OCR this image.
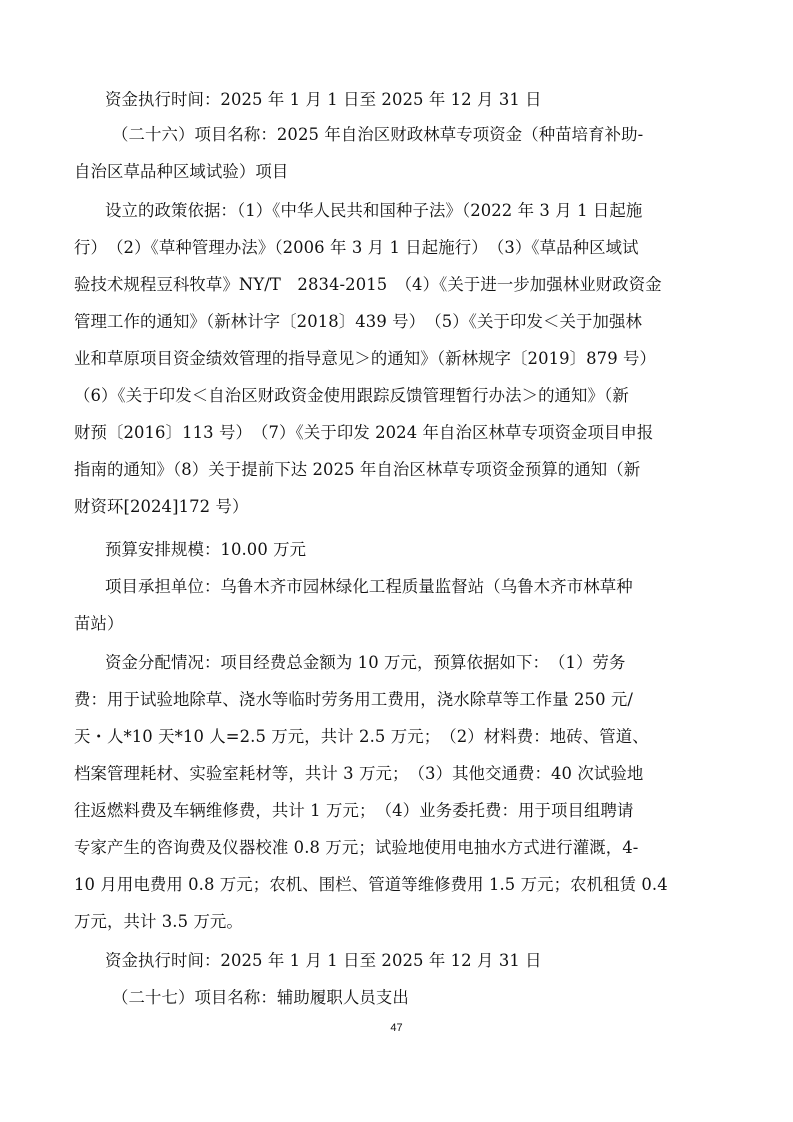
资金执行时间：2025 年 1 月 1 日至 2025 年 12 月 31 日
（二十六）项目名称：2025 年自治区财政林草专项资金（种苗培育补助-
自治区草品种区域试验）项目
设立的政策依据：（1）《中华人民共和国种子法》（2022 年 3 月 1 日起施
行）　（2）《草种管理办法》（2006 年 3 月 1 日起施行）　（3）《草品种区域试
验技术规程豆科牧草》NY/T　2834-2015　（4）《关于进一步加强林业财政资金
管理工作的通知》（新林计字〔2018〕439 号）　（5）《关于印发＜关于加强林
业和草原项目资金绩效管理的指导意见＞的通知》（新林规字〔2019〕879 号）
（6）《关于印发＜自治区财政资金使用跟踪反馈管理暂行办法＞的通知》（新
财预〔2016〕113 号）　（7）《关于印发 2024 年自治区林草专项资金项目申报
指南的通知》（8）关于提前下达 2025 年自治区林草专项资金预算的通知（新
财资环[2024]172 号）
预算安排规模：10.00 万元
项目承担单位：乌鲁木齐市园林绿化工程质量监督站（乌鲁木齐市林草种
苗站）
资金分配情况：项目经费总金额为 10 万元，预算依据如下：　（1）劳务
费：用于试验地除草、浇水等临时劳务用工费用，浇水除草等工作量 250 元/
天・人*10 天*10 人=2.5 万元，共计 2.5 万元；　（2）材料费：地砖、管道、
档案管理耗材、实验室耗材等，共计 3 万元；　（3）其他交通费：40 次试验地
往返燃料费及车辆维修费，共计 1 万元；　（4）业务委托费：用于项目组聘请
专家产生的咨询费及仪器校准 0.8 万元；试验地使用电抽水方式进行灌溉，4-
10 月用电费用 0.8 万元；农机、围栏、管道等维修费用 1.5 万元；农机租赁 0.4
万元，共计 3.5 万元。
资金执行时间：2025 年 1 月 1 日至 2025 年 12 月 31 日
（二十七）项目名称：辅助履职人员支出
47
